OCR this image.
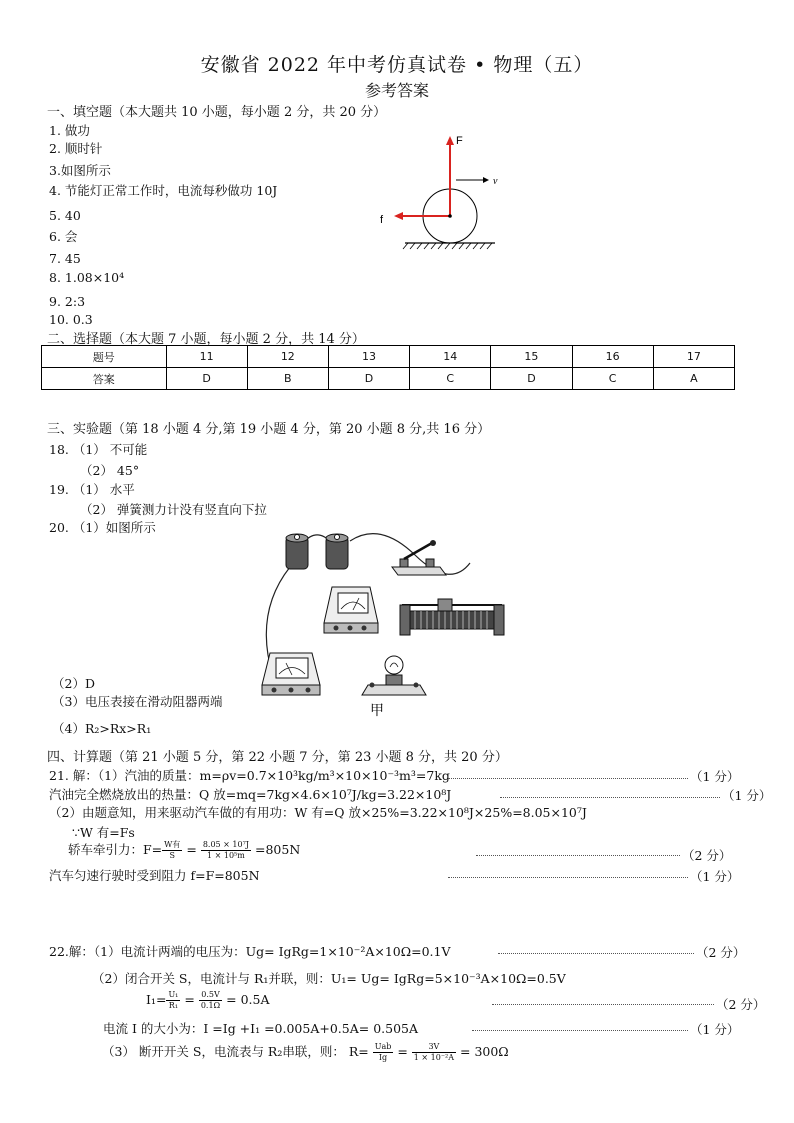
安徽省 2022 年中考仿真试卷 • 物理（五）
参考答案
一、填空题（本大题共 10 小题，每小题 2 分，共 20 分）
1. 做功
2. 顺时针
3.如图所示
4. 节能灯正常工作时，电流每秒做功 10J
5. 40
6. 会
7. 45
8. 1.08×10⁴
9. 2:3
10. 0.3
F
f
v
二、选择题（本大题 7 小题，每小题 2 分，共 14 分）
题号	11	12	13	14	15	16	17
答案	D	B	D	C	D	C	A
三、实验题（第 18 小题 4 分,第 19 小题 4 分，第 20 小题 8 分,共 16 分）
18. （1） 不可能
（2） 45°
19. （1） 水平
（2） 弹簧测力计没有竖直向下拉
20. （1）如图所示
（2）D
（3）电压表接在滑动阻器两端
（4）R₂>Rx>R₁
甲
四、计算题（第 21 小题 5 分，第 22 小题 7 分，第 23 小题 8 分，共 20 分）
21. 解：（1）汽油的质量：m=ρv=0.7×10³kg/m³×10×10⁻³m³=7kg	（1 分）
汽油完全燃烧放出的热量：Q 放=mq=7kg×4.6×10⁷J/kg=3.22×10⁸J	（1 分）
（2）由题意知，用来驱动汽车做的有用功：W 有=Q 放×25%=3.22×10⁸J×25%=8.05×10⁷J
∵W 有=Fs
轿车牵引力：$F= \frac{\text{W有}}{S} = \frac{\text{8.05 × 10⁷J}}{\text{1 × 10⁵m}} =805N$	（2 分）
汽车匀速行驶时受到阻力 f=F=805N	（1 分）
22.解：（1）电流计两端的电压为：Ug= IgRg=1×10⁻²A×10Ω=0.1V	（2 分）
（2）闭合开关 S，电流计与 R₁并联，则：U₁= Ug= IgRg=5×10⁻³A×10Ω=0.5V
$I_1= \frac{\text{U₁}}{\text{R₁}} = \frac{0.5V}{0.1\Omega} = 0.5A$	（2 分）
电流 I 的大小为：I =Ig +I₁ =0.005A+0.5A= 0.505A	（1 分）
（3） 断开开关 S，电流表与 R₂串联，则： $R= \frac{\text{Uab}}{Ig} = \frac{3V}{\text{1 × 10⁻²A}} = 300\Omega$
